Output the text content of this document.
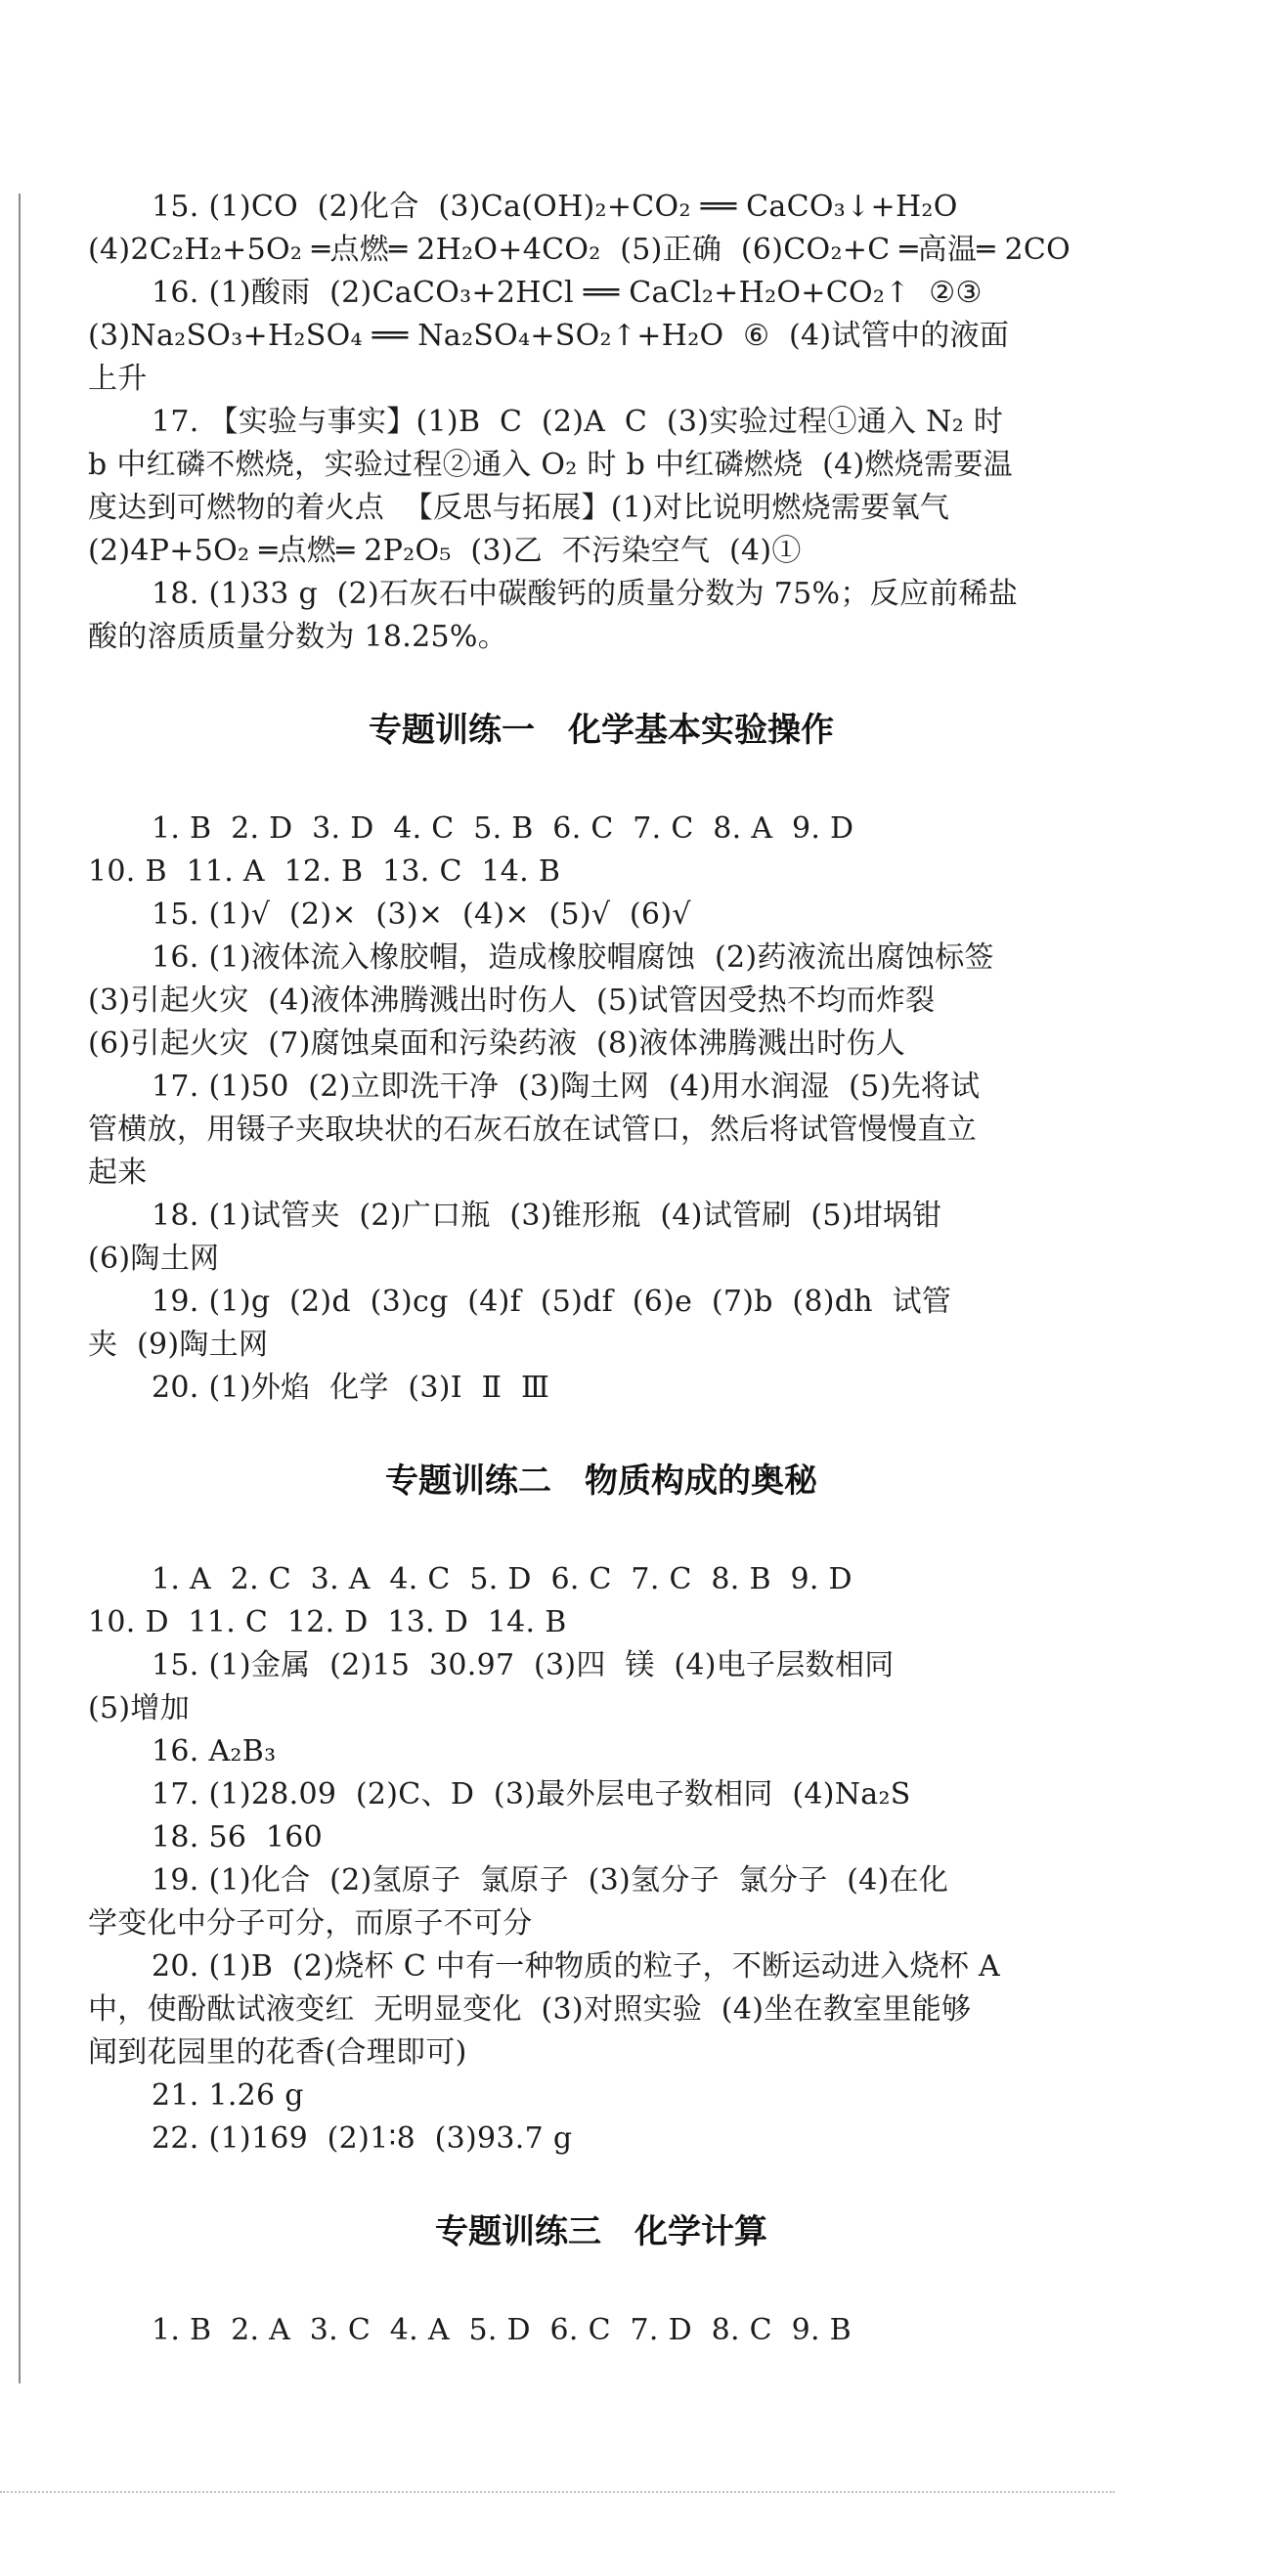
15. (1)CO  (2)化合  (3)Ca(OH)₂+CO₂ ══ CaCO₃↓+H₂O
(4)2C₂H₂+5O₂ ═点燃═ 2H₂O+4CO₂  (5)正确  (6)CO₂+C ═高温═ 2CO
16. (1)酸雨  (2)CaCO₃+2HCl ══ CaCl₂+H₂O+CO₂↑  ②③
(3)Na₂SO₃+H₂SO₄ ══ Na₂SO₄+SO₂↑+H₂O  ⑥  (4)试管中的液面
上升
17. 【实验与事实】(1)B  C  (2)A  C  (3)实验过程①通入 N₂ 时
b 中红磷不燃烧，实验过程②通入 O₂ 时 b 中红磷燃烧  (4)燃烧需要温
度达到可燃物的着火点  【反思与拓展】(1)对比说明燃烧需要氧气
(2)4P+5O₂ ═点燃═ 2P₂O₅  (3)乙  不污染空气  (4)①
18. (1)33 g  (2)石灰石中碳酸钙的质量分数为 75%；反应前稀盐
酸的溶质质量分数为 18.25%。
专题训练一　化学基本实验操作
1. B  2. D  3. D  4. C  5. B  6. C  7. C  8. A  9. D
10. B  11. A  12. B  13. C  14. B
15. (1)√  (2)×  (3)×  (4)×  (5)√  (6)√
16. (1)液体流入橡胶帽，造成橡胶帽腐蚀  (2)药液流出腐蚀标签
(3)引起火灾  (4)液体沸腾溅出时伤人  (5)试管因受热不均而炸裂
(6)引起火灾  (7)腐蚀桌面和污染药液  (8)液体沸腾溅出时伤人
17. (1)50  (2)立即洗干净  (3)陶土网  (4)用水润湿  (5)先将试
管横放，用镊子夹取块状的石灰石放在试管口，然后将试管慢慢直立
起来
18. (1)试管夹  (2)广口瓶  (3)锥形瓶  (4)试管刷  (5)坩埚钳
(6)陶土网
19. (1)g  (2)d  (3)cg  (4)f  (5)df  (6)e  (7)b  (8)dh  试管
夹  (9)陶土网
20. (1)外焰  化学  (3)Ⅰ  Ⅱ  Ⅲ
专题训练二　物质构成的奥秘
1. A  2. C  3. A  4. C  5. D  6. C  7. C  8. B  9. D
10. D  11. C  12. D  13. D  14. B
15. (1)金属  (2)15  30.97  (3)四  镁  (4)电子层数相同
(5)增加
16. A₂B₃
17. (1)28.09  (2)C、D  (3)最外层电子数相同  (4)Na₂S
18. 56  160
19. (1)化合  (2)氢原子  氯原子  (3)氢分子  氯分子  (4)在化
学变化中分子可分，而原子不可分
20. (1)B  (2)烧杯 C 中有一种物质的粒子，不断运动进入烧杯 A
中，使酚酞试液变红  无明显变化  (3)对照实验  (4)坐在教室里能够
闻到花园里的花香(合理即可)
21. 1.26 g
22. (1)169  (2)1∶8  (3)93.7 g
专题训练三　化学计算
1. B  2. A  3. C  4. A  5. D  6. C  7. D  8. C  9. B
